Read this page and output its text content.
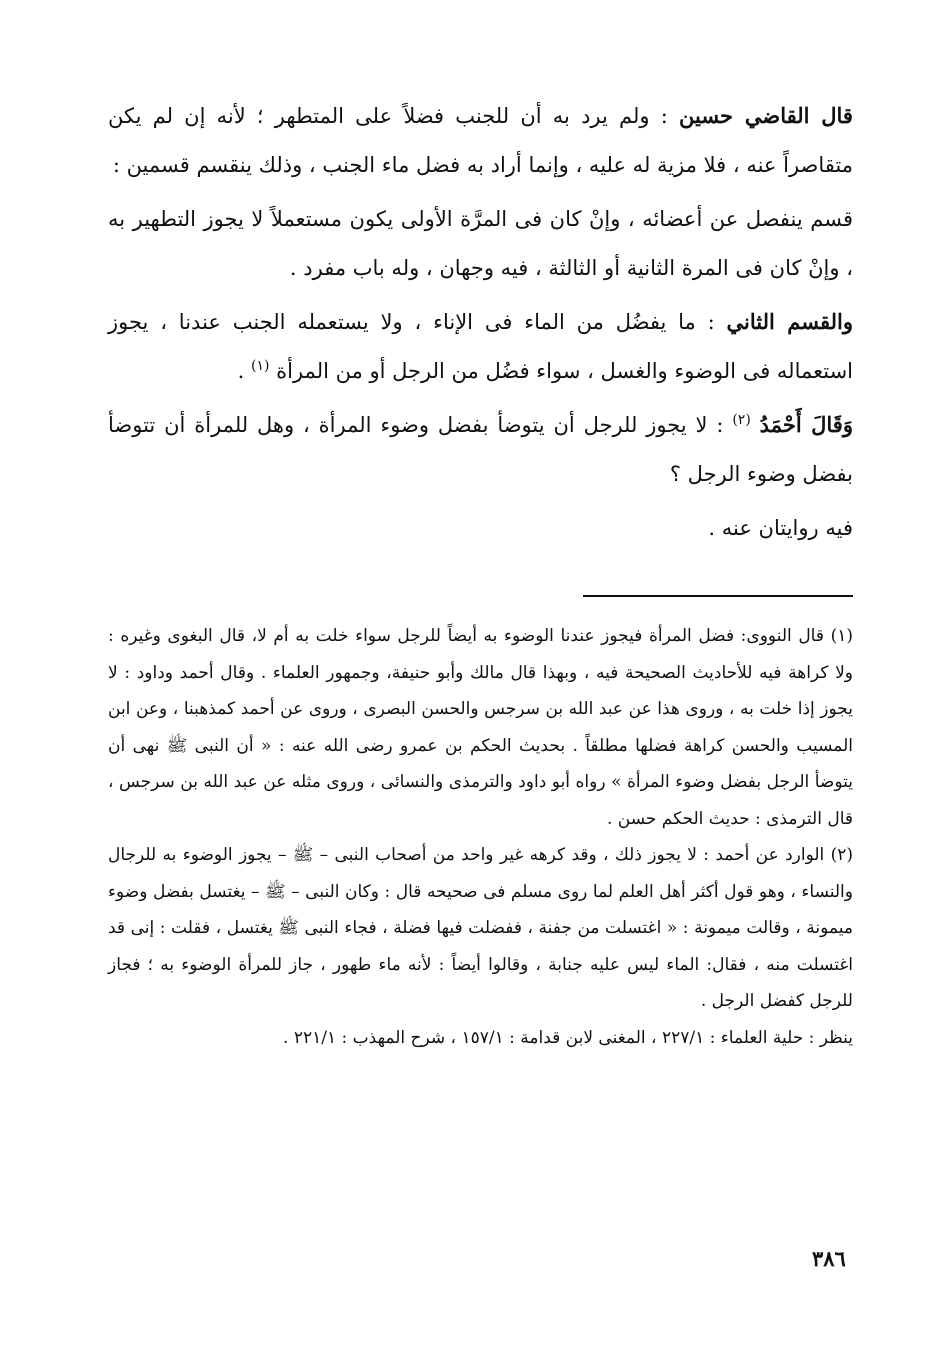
قال القاضي حسين : ولم يرد به أن للجنب فضلاً على المتطهر ؛ لأنه إن لم يكن متقاصراً عنه ، فلا مزية له عليه ، وإنما أراد به فضل ماء الجنب ، وذلك ينقسم قسمين :

قسم ينفصل عن أعضائه ، وإنْ كان فى المرَّة الأولى يكون مستعملاً لا يجوز التطهير به ، وإنْ كان فى المرة الثانية أو الثالثة ، فيه وجهان ، وله باب مفرد .

والقسم الثاني : ما يفضُل من الماء فى الإناء ، ولا يستعمله الجنب عندنا ، يجوز استعماله فى الوضوء والغسل ، سواء فضُل من الرجل أو من المرأة $^{(١)}$ .

وَقَالَ أَحْمَدُ $^{(٢)}$ : لا يجوز للرجل أن يتوضأ بفضل وضوء المرأة ، وهل للمرأة أن تتوضأ بفضل وضوء الرجل ؟

فيه روايتان عنه .

(١) قال النووى: فضل المرأة فيجوز عندنا الوضوء به أيضاً للرجل سواء خلت به أم لا، قال البغوى وغيره : ولا كراهة فيه للأحاديث الصحيحة فيه ، وبهذا قال مالك وأبو حنيفة، وجمهور العلماء . وقال أحمد وداود : لا يجوز إذا خلت به ، وروى هذا عن عبد الله بن سرجس والحسن البصرى ، وروى عن أحمد كمذهبنا ، وعن ابن المسيب والحسن كراهة فضلها مطلقاً . بحديث الحكم بن عمرو رضى الله عنه : « أن النبى ﷺ نهى أن يتوضأ الرجل بفضل وضوء المرأة » رواه أبو داود والترمذى والنسائى ، وروى مثله عن عبد الله بن سرجس ، قال الترمذى : حديث الحكم حسن .

(٢) الوارد عن أحمد : لا يجوز ذلك ، وقد كرهه غير واحد من أصحاب النبى – ﷺ – يجوز الوضوء به للرجال والنساء ، وهو قول أكثر أهل العلم لما روى مسلم فى صحيحه قال : وكان النبى – ﷺ – يغتسل بفضل وضوء ميمونة ، وقالت ميمونة : « اغتسلت من جفنة ، ففضلت فيها فضلة ، فجاء النبى ﷺ يغتسل ، فقلت : إنى قد اغتسلت منه ، فقال: الماء ليس عليه جنابة ، وقالوا أيضاً : لأنه ماء طهور ، جاز للمرأة الوضوء به ؛ فجاز للرجل كفضل الرجل .

ينظر : حلية العلماء : ٢٢٧/١ ، المغنى لابن قدامة : ١٥٧/١ ، شرح المهذب : ٢٢١/١ .

٣٨٦
